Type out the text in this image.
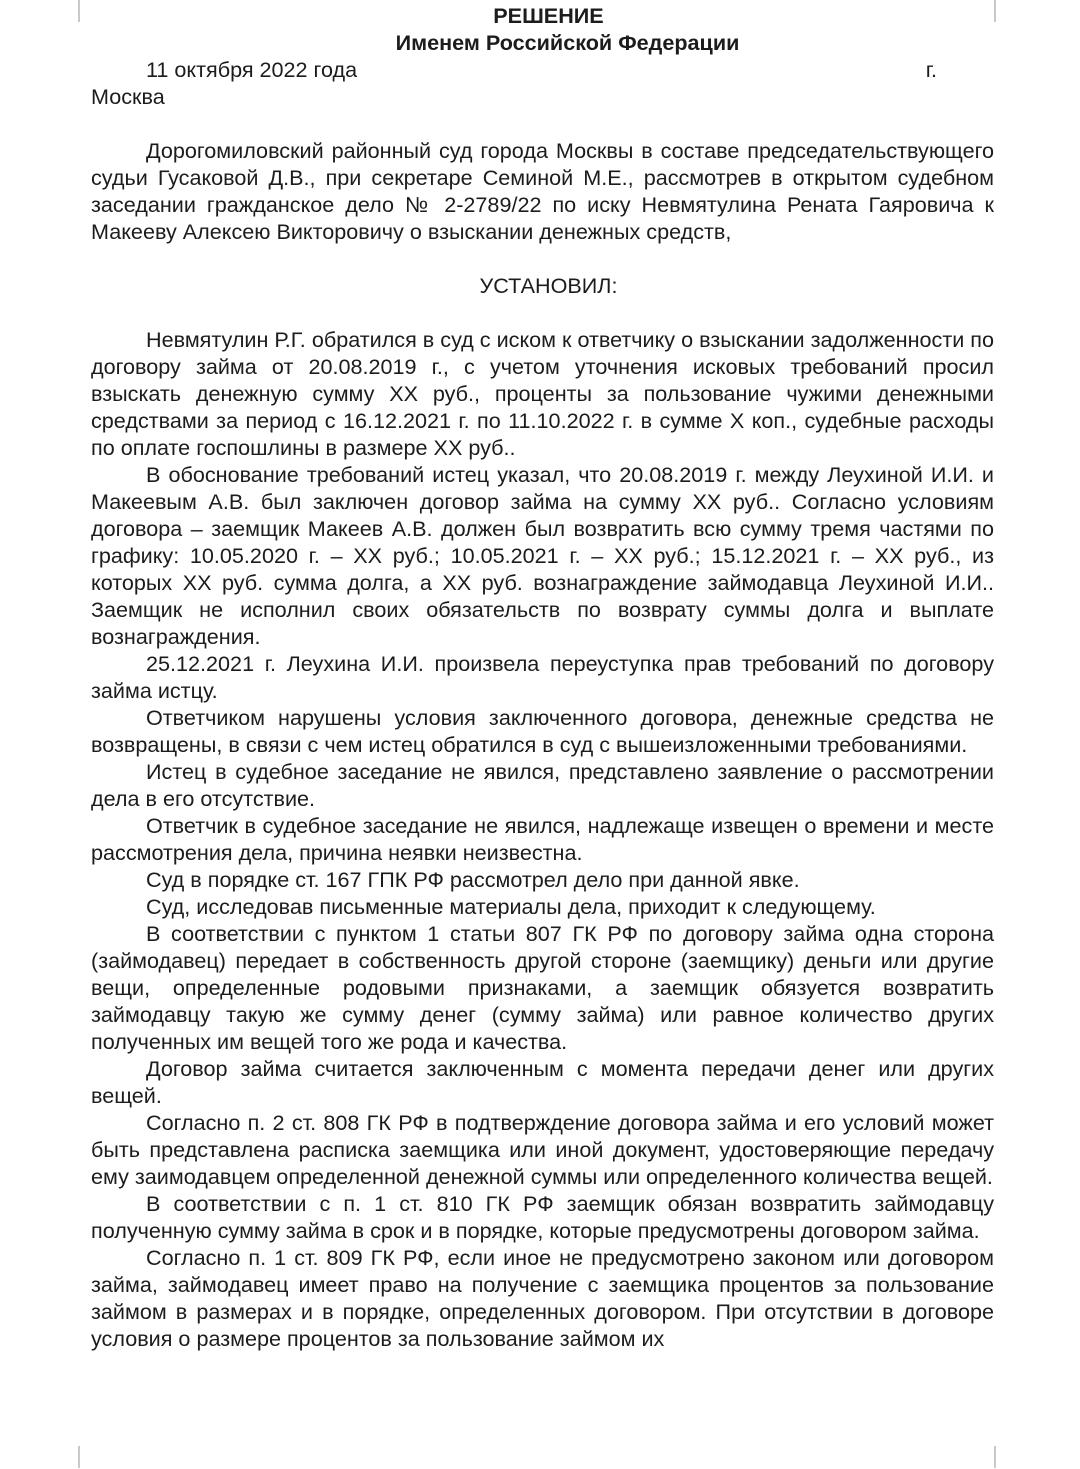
РЕШЕНИЕ
Именем Российской Федерации
11 октября 2022 года	г.
Москва

Дорогомиловский районный суд города Москвы в составе председательствующего судьи Гусаковой Д.В., при секретаре Семиной М.Е., рассмотрев в открытом судебном заседании гражданское дело № 2-2789/22 по иску Невмятулина Рената Гаяровича к Макееву Алексею Викторовичу о взыскании денежных средств,

УСТАНОВИЛ:

Невмятулин Р.Г. обратился в суд с иском к ответчику о взыскании задолженности по договору займа от 20.08.2019 г., с учетом уточнения исковых требований просил взыскать денежную сумму ХХ руб., проценты за пользование чужими денежными средствами за период с 16.12.2021 г. по 11.10.2022 г. в сумме Х коп., судебные расходы по оплате госпошлины в размере ХХ руб..

В обоснование требований истец указал, что 20.08.2019 г. между Леухиной И.И. и Макеевым А.В. был заключен договор займа на сумму ХХ руб.. Согласно условиям договора – заемщик Макеев А.В. должен был возвратить всю сумму тремя частями по графику: 10.05.2020 г. – ХХ руб.; 10.05.2021 г. – ХХ руб.; 15.12.2021 г. – ХХ руб., из которых ХХ руб. сумма долга, а ХХ руб. вознаграждение займодавца Леухиной И.И.. Заемщик не исполнил своих обязательств по возврату суммы долга и выплате вознаграждения.

25.12.2021 г. Леухина И.И. произвела переуступка прав требований по договору займа истцу.

Ответчиком нарушены условия заключенного договора, денежные средства не возвращены, в связи с чем истец обратился в суд с вышеизложенными требованиями.

Истец в судебное заседание не явился, представлено заявление о рассмотрении дела в его отсутствие.

Ответчик в судебное заседание не явился, надлежаще извещен о времени и месте рассмотрения дела, причина неявки неизвестна.

Суд в порядке ст. 167 ГПК РФ рассмотрел дело при данной явке.

Суд, исследовав письменные материалы дела, приходит к следующему.

В соответствии с пунктом 1 статьи 807 ГК РФ по договору займа одна сторона (займодавец) передает в собственность другой стороне (заемщику) деньги или другие вещи, определенные родовыми признаками, а заемщик обязуется возвратить займодавцу такую же сумму денег (сумму займа) или равное количество других полученных им вещей того же рода и качества.

Договор займа считается заключенным с момента передачи денег или других вещей.

Согласно п. 2 ст. 808 ГК РФ в подтверждение договора займа и его условий может быть представлена расписка заемщика или иной документ, удостоверяющие передачу ему заимодавцем определенной денежной суммы или определенного количества вещей.

В соответствии с п. 1 ст. 810 ГК РФ заемщик обязан возвратить займодавцу полученную сумму займа в срок и в порядке, которые предусмотрены договором займа.

Согласно п. 1 ст. 809 ГК РФ, если иное не предусмотрено законом или договором займа, займодавец имеет право на получение с заемщика процентов за пользование займом в размерах и в порядке, определенных договором. При отсутствии в договоре условия о размере процентов за пользование займом их
